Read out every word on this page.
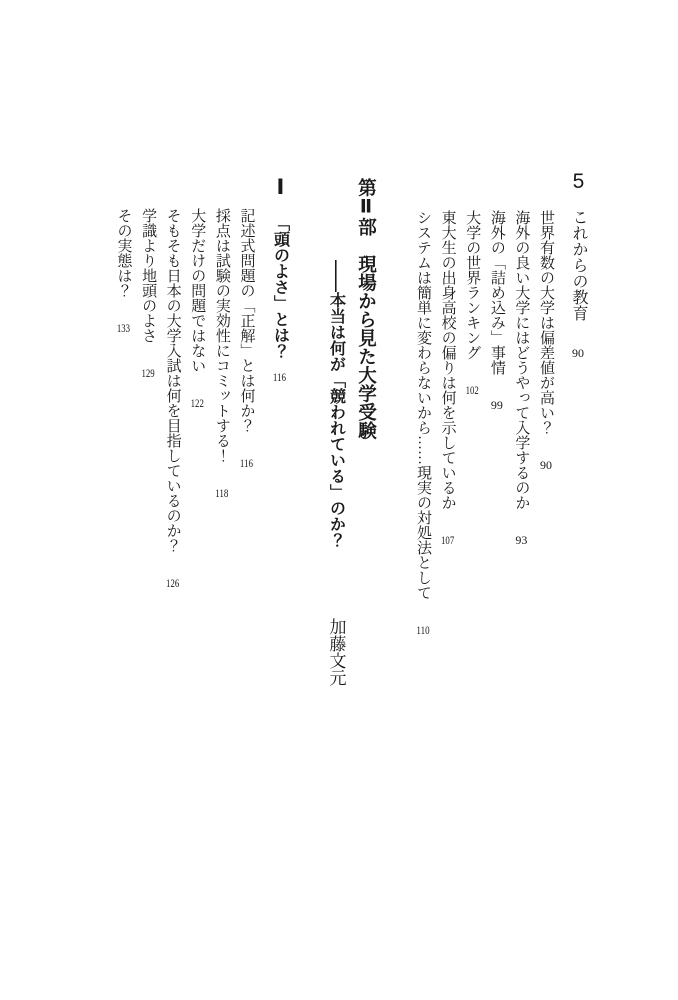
5これからの教育90
世界有数の大学は偏差値が高い？90
海外の良い大学にはどうやって入学するのか93
海外の「詰め込み」事情99
大学の世界ランキング102
東大生の出身高校の偏りは何を示しているか107
システムは簡単に変わらないから……現実の対処法として110
第Ⅱ部　現場から見た大学受験
――本当は何が「競われている」のか？加藤文元
Ⅰ「頭のよさ」とは？116
記述式問題の「正解」とは何か？116
採点は試験の実効性にコミットする！118
大学だけの問題ではない122
そもそも日本の大学入試は何を目指しているのか？126
学識より地頭のよさ129
その実態は？133
